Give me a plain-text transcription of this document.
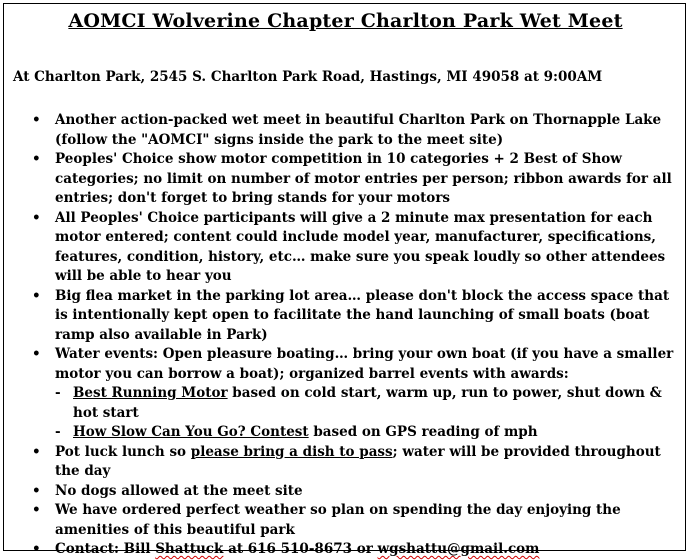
AOMCI Wolverine Chapter Charlton Park Wet Meet
At Charlton Park, 2545 S. Charlton Park Road, Hastings, MI 49058 at 9:00AM
• Another action-packed wet meet in beautiful Charlton Park on Thornapple Lake (follow the "AOMCI" signs inside the park to the meet site)
• Peoples' Choice show motor competition in 10 categories + 2 Best of Show categories; no limit on number of motor entries per person; ribbon awards for all entries; don't forget to bring stands for your motors
• All Peoples' Choice participants will give a 2 minute max presentation for each motor entered; content could include model year, manufacturer, specifications, features, condition, history, etc… make sure you speak loudly so other attendees will be able to hear you
• Big flea market in the parking lot area… please don't block the access space that is intentionally kept open to facilitate the hand launching of small boats (boat ramp also available in Park)
• Water events: Open pleasure boating… bring your own boat (if you have a smaller motor you can borrow a boat); organized barrel events with awards:
- Best Running Motor based on cold start, warm up, run to power, shut down & hot start
- How Slow Can You Go? Contest based on GPS reading of mph
• Pot luck lunch so please bring a dish to pass; water will be provided throughout the day
• No dogs allowed at the meet site
• We have ordered perfect weather so plan on spending the day enjoying the amenities of this beautiful park
• Contact: Bill Shattuck at 616 510-8673 or wgshattu@gmail.com
